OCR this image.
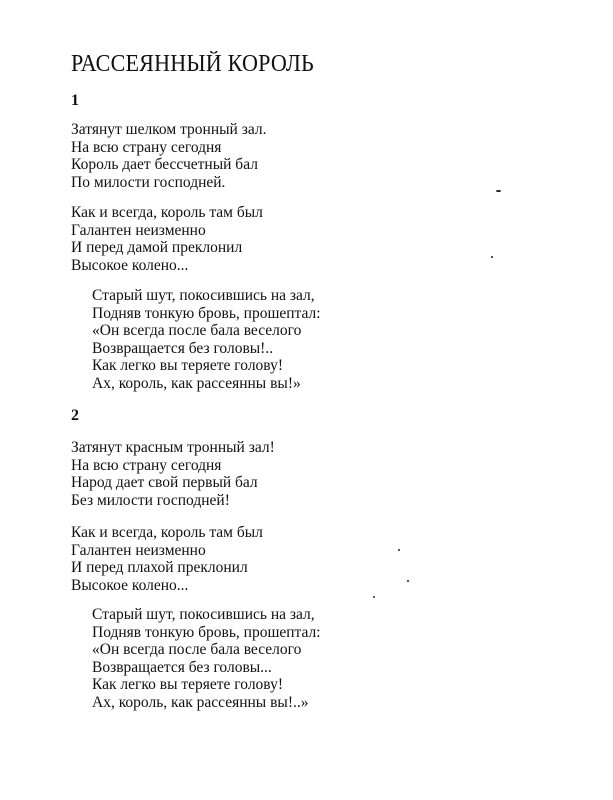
РАССЕЯННЫЙ КОРОЛЬ
1
Затянут шелком тронный зал.
На всю страну сегодня
Король дает бессчетный бал
По милости господней.
Как и всегда, король там был
Галантен неизменно
И перед дамой преклонил
Высокое колено...
Старый шут, покосившись на зал,
Подняв тонкую бровь, прошептал:
«Он всегда после бала веселого
Возвращается без головы!..
Как легко вы теряете голову!
Ах, король, как рассеянны вы!»
2
Затянут красным тронный зал!
На всю страну сегодня
Народ дает свой первый бал
Без милости господней!
Как и всегда, король там был
Галантен неизменно
И перед плахой преклонил
Высокое колено...
Старый шут, покосившись на зал,
Подняв тонкую бровь, прошептал:
«Он всегда после бала веселого
Возвращается без головы...
Как легко вы теряете голову!
Ах, король, как рассеянны вы!..»
